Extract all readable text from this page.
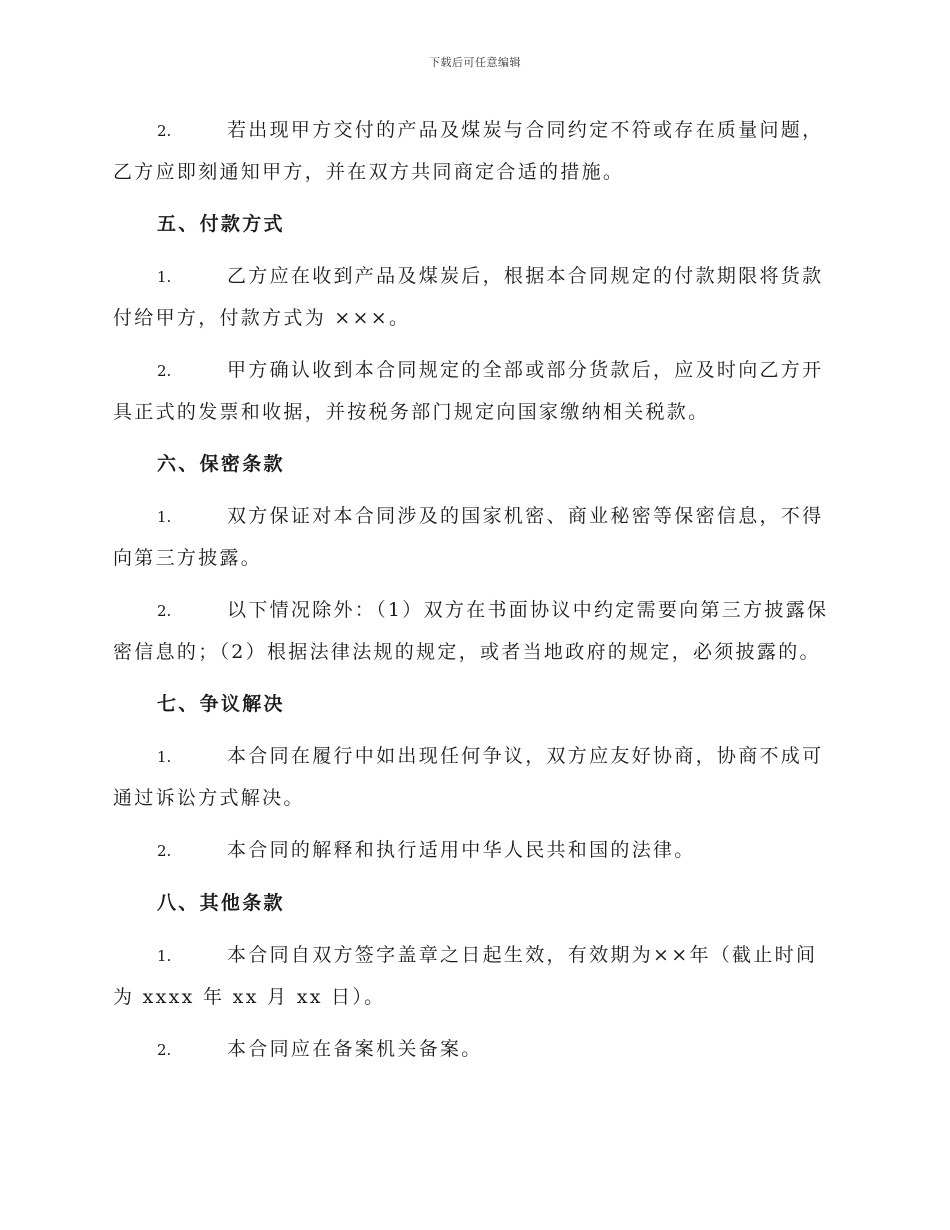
下载后可任意编辑
2.	若出现甲方交付的产品及煤炭与合同约定不符或存在质量问题，乙方应即刻通知甲方，并在双方共同商定合适的措施。
五、付款方式
1.	乙方应在收到产品及煤炭后，根据本合同规定的付款期限将货款付给甲方，付款方式为 ×××。
2.	甲方确认收到本合同规定的全部或部分货款后，应及时向乙方开具正式的发票和收据，并按税务部门规定向国家缴纳相关税款。
六、保密条款
1.	双方保证对本合同涉及的国家机密、商业秘密等保密信息，不得向第三方披露。
2.	以下情况除外：（1）双方在书面协议中约定需要向第三方披露保密信息的；（2）根据法律法规的规定，或者当地政府的规定，必须披露的。
七、争议解决
1.	本合同在履行中如出现任何争议，双方应友好协商，协商不成可通过诉讼方式解决。
2.	本合同的解释和执行适用中华人民共和国的法律。
八、其他条款
1.	本合同自双方签字盖章之日起生效，有效期为××年（截止时间为 xxxx 年 xx 月 xx 日）。
2.	本合同应在备案机关备案。
